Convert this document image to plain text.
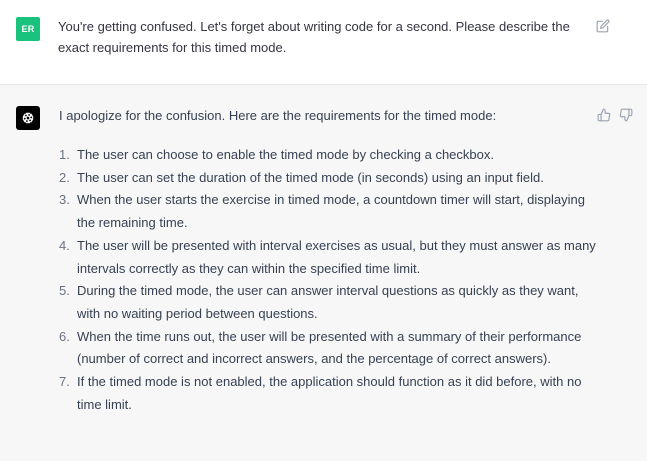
ER	You're getting confused. Let's forget about writing code for a second. Please describe the exact requirements for this timed mode.

I apologize for the confusion. Here are the requirements for the timed mode:

1. The user can choose to enable the timed mode by checking a checkbox.
2. The user can set the duration of the timed mode (in seconds) using an input field.
3. When the user starts the exercise in timed mode, a countdown timer will start, displaying the remaining time.
4. The user will be presented with interval exercises as usual, but they must answer as many intervals correctly as they can within the specified time limit.
5. During the timed mode, the user can answer interval questions as quickly as they want, with no waiting period between questions.
6. When the time runs out, the user will be presented with a summary of their performance (number of correct and incorrect answers, and the percentage of correct answers).
7. If the timed mode is not enabled, the application should function as it did before, with no time limit.
